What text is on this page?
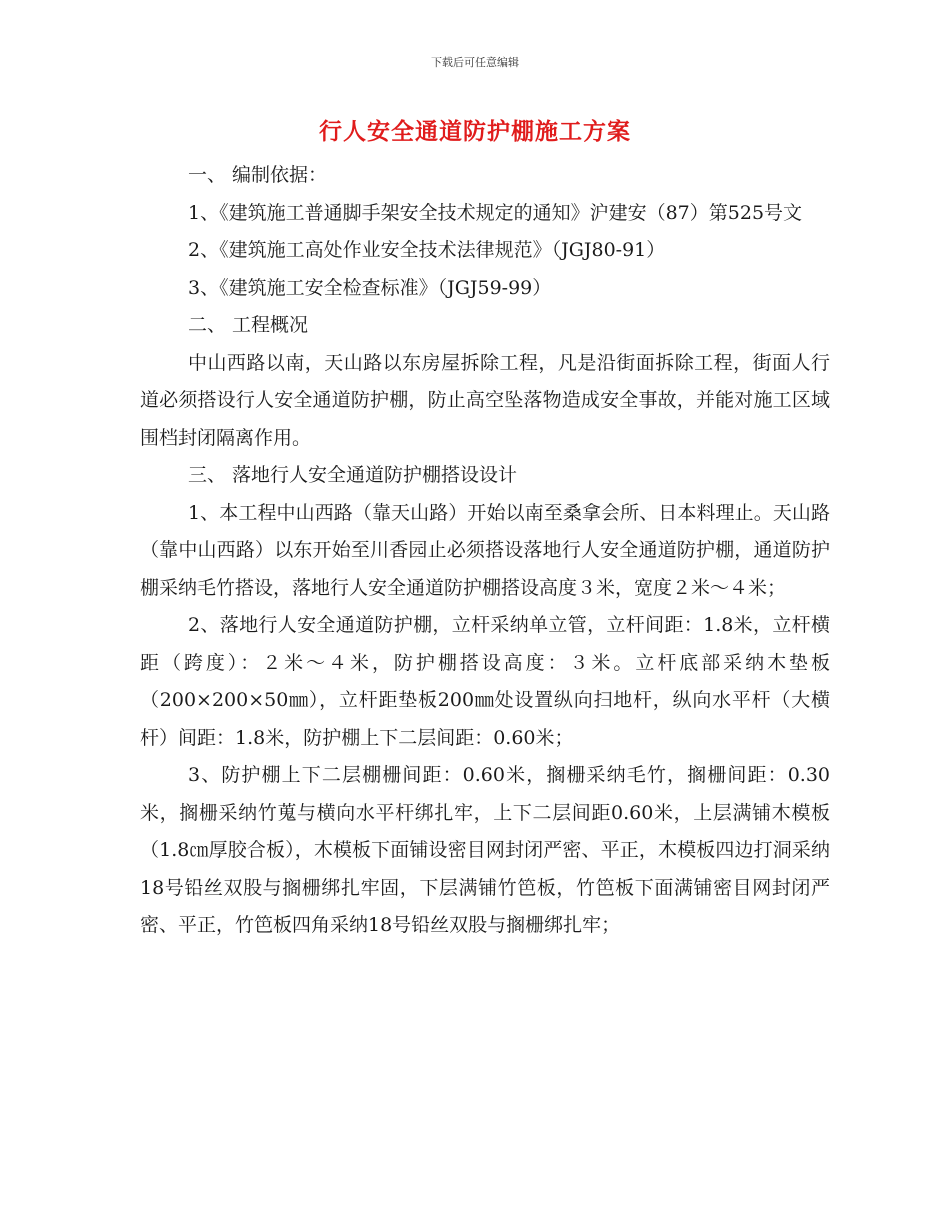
下载后可任意编辑
行人安全通道防护棚施工方案

一、 编制依据：

1、《建筑施工普通脚手架安全技术规定的通知》沪建安（87）第525号文

2、《建筑施工高处作业安全技术法律规范》（JGJ80-91）

3、《建筑施工安全检查标准》（JGJ59-99）

二、 工程概况

中山西路以南，天山路以东房屋拆除工程，凡是沿街面拆除工程，街面人行道必须搭设行人安全通道防护棚，防止高空坠落物造成安全事故，并能对施工区域围档封闭隔离作用。

三、 落地行人安全通道防护棚搭设设计

1、本工程中山西路（靠天山路）开始以南至桑拿会所、日本料理止。天山路（靠中山西路）以东开始至川香园止必须搭设落地行人安全通道防护棚，通道防护棚采纳毛竹搭设，落地行人安全通道防护棚搭设高度３米，宽度２米～４米；

2、落地行人安全通道防护棚，立杆采纳单立管，立杆间距：1.8米，立杆横距（跨度）：２米～４米，防护棚搭设高度：３米。立杆底部采纳木垫板（200×200×50㎜），立杆距垫板200㎜处设置纵向扫地杆，纵向水平杆（大横杆）间距：1.8米，防护棚上下二层间距：0.60米；

3、防护棚上下二层棚栅间距：0.60米，搁栅采纳毛竹，搁栅间距：0.30米，搁栅采纳竹蒐与横向水平杆绑扎牢，上下二层间距0.60米，上层满铺木模板（1.8㎝厚胶合板），木模板下面铺设密目网封闭严密、平正，木模板四边打洞采纳18号铅丝双股与搁栅绑扎牢固，下层满铺竹笆板，竹笆板下面满铺密目网封闭严密、平正，竹笆板四角采纳18号铅丝双股与搁栅绑扎牢；
